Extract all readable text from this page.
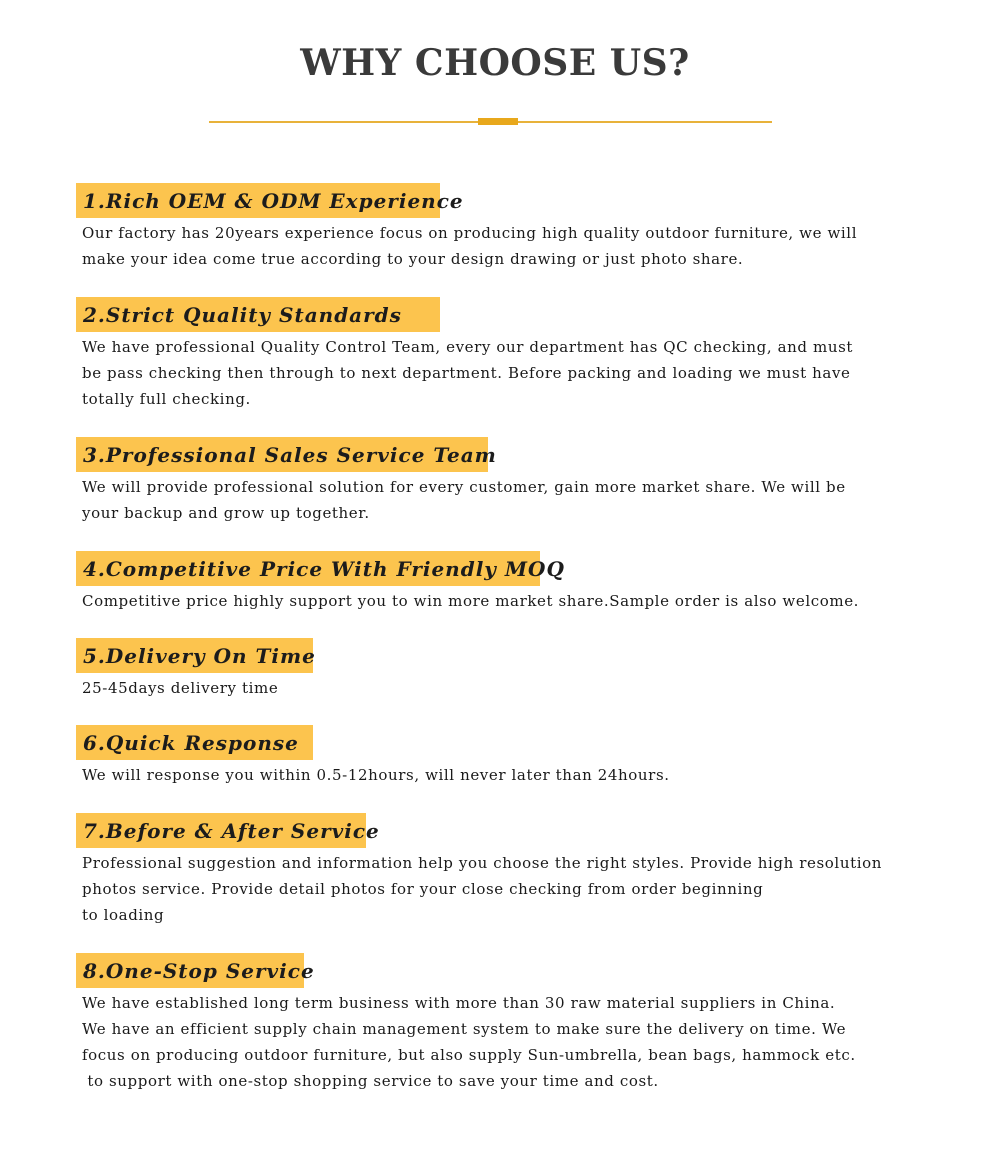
WHY CHOOSE US?
1.Rich OEM & ODM Experience
Our factory has 20years experience focus on producing high quality outdoor furniture, we will
make your idea come true according to your design drawing or just photo share.
2.Strict Quality Standards
We have professional Quality Control Team, every our department has QC checking, and must
be pass checking then through to next department. Before packing and loading we must have
totally full checking.
3.Professional Sales Service Team
We will provide professional solution for every customer, gain more market share. We will be
your backup and grow up together.
4.Competitive Price With Friendly MOQ
Competitive price highly support you to win more market share.Sample order is also welcome.
5.Delivery On Time
25-45days delivery time
6.Quick Response
We will response you within 0.5-12hours, will never later than 24hours.
7.Before & After Service
Professional suggestion and information help you choose the right styles. Provide high resolution
photos service. Provide detail photos for your close checking from order beginning
to loading
8.One-Stop Service
We have established long term business with more than 30 raw material suppliers in China.
We have an efficient supply chain management system to make sure the delivery on time. We
focus on producing outdoor furniture, but also supply Sun-umbrella, bean bags, hammock etc.
to support with one-stop shopping service to save your time and cost.
